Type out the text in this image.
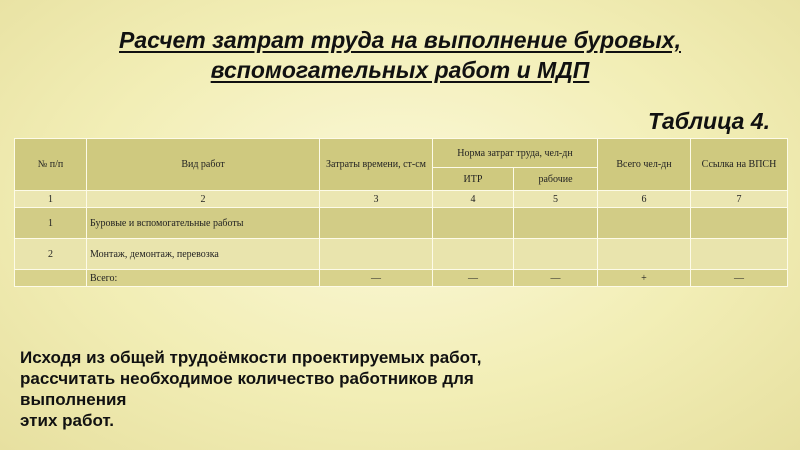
Расчет затрат труда на выполнение буровых,
вспомогательных работ и МДП
Таблица 4.
№ п/п	Вид работ	Затраты времени, ст-см	Норма затрат труда, чел-дн		Всего чел-дн	Ссылка на ВПСН
			ИТР	рабочие		
1	2	3	4	5	6	7
1	Буровые и вспомогательные работы					
2	Монтаж, демонтаж, перевозка					
	Всего:	—	—	—	+	—
Исходя из общей трудоёмкости проектируемых работ,
рассчитать необходимое количество работников для
выполнения
этих работ.
